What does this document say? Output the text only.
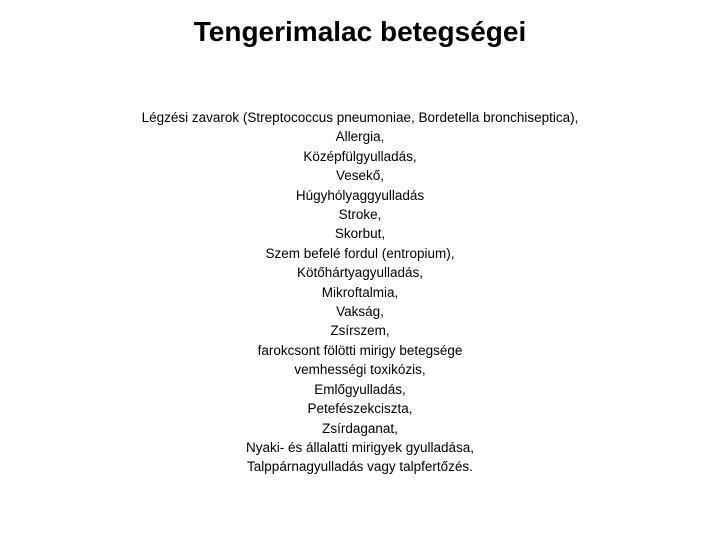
Tengerimalac betegségei
Légzési zavarok (Streptococcus pneumoniae, Bordetella bronchiseptica),
Allergia,
Középfülgyulladás,
Vesekő,
Húgyhólyaggyulladás
Stroke,
Skorbut,
Szem befelé fordul (entropium),
Kötőhártyagyulladás,
Mikroftalmia,
Vakság,
Zsírszem,
farokcsont fölötti mirigy betegsége
vemhességi toxikózis,
Emlőgyulladás,
Petefészekciszta,
Zsírdaganat,
Nyaki- és állalatti mirigyek gyulladása,
Talppárnagyulladás vagy talpfertőzés.
